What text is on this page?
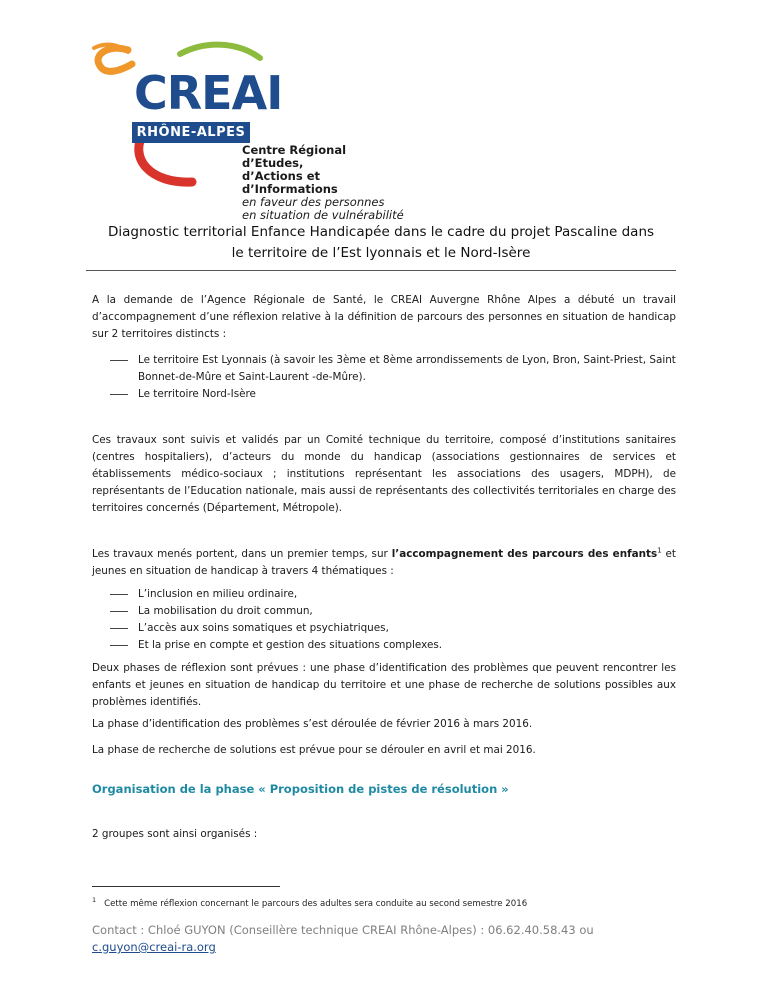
CREAI
RHÔNE-ALPES
Centre Régional d’Etudes,
d’Actions et d’Informations
en faveur des personnes
en situation de vulnérabilité
Diagnostic territorial Enfance Handicapée dans le cadre du projet Pascaline dans
le territoire de l’Est lyonnais et le Nord-Isère

A la demande de l’Agence Régionale de Santé, le CREAI Auvergne Rhône Alpes a débuté un travail d’accompagnement d’une réflexion relative à la définition de parcours des personnes en situation de handicap sur 2 territoires distincts :

Le territoire Est Lyonnais (à savoir les 3ème et 8ème arrondissements de Lyon, Bron, Saint-Priest, Saint Bonnet-de-Mûre et Saint-Laurent -de-Mûre).
Le territoire Nord-Isère

Ces travaux sont suivis et validés par un Comité technique du territoire, composé d’institutions sanitaires (centres hospitaliers), d’acteurs du monde du handicap (associations gestionnaires de services et établissements médico-sociaux ; institutions représentant les associations des usagers, MDPH), de représentants de l’Education nationale, mais aussi de représentants des collectivités territoriales en charge des territoires concernés (Département, Métropole).

Les travaux menés portent, dans un premier temps, sur l’accompagnement des parcours des enfants$^1$ et jeunes en situation de handicap à travers 4 thématiques :

L’inclusion en milieu ordinaire,
La mobilisation du droit commun,
L’accès aux soins somatiques et psychiatriques,
Et la prise en compte et gestion des situations complexes.

Deux phases de réflexion sont prévues : une phase d’identification des problèmes que peuvent rencontrer les enfants et jeunes en situation de handicap du territoire et une phase de recherche de solutions possibles aux problèmes identifiés.

La phase d’identification des problèmes s’est déroulée de février 2016 à mars 2016.

La phase de recherche de solutions est prévue pour se dérouler en avril et mai 2016.

Organisation de la phase « Proposition de pistes de résolution »

2 groupes sont ainsi organisés :

$^1$ Cette même réflexion concernant le parcours des adultes sera conduite au second semestre 2016
Contact : Chloé GUYON (Conseillère technique CREAI Rhône-Alpes) : 06.62.40.58.43 ou
c.guyon@creai-ra.org
